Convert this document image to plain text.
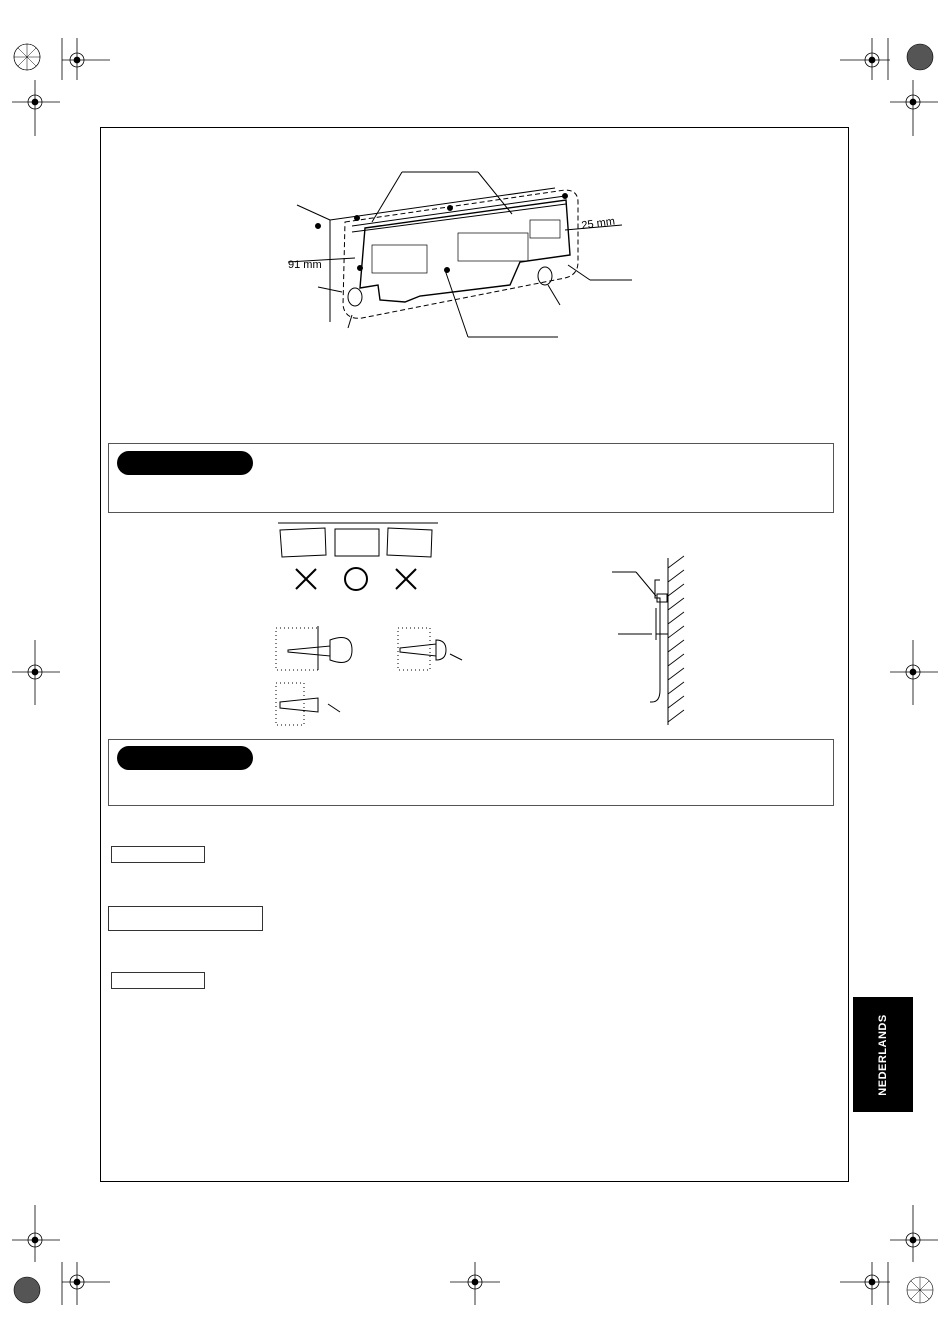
91 mm
25 mm
NEDERLANDS
